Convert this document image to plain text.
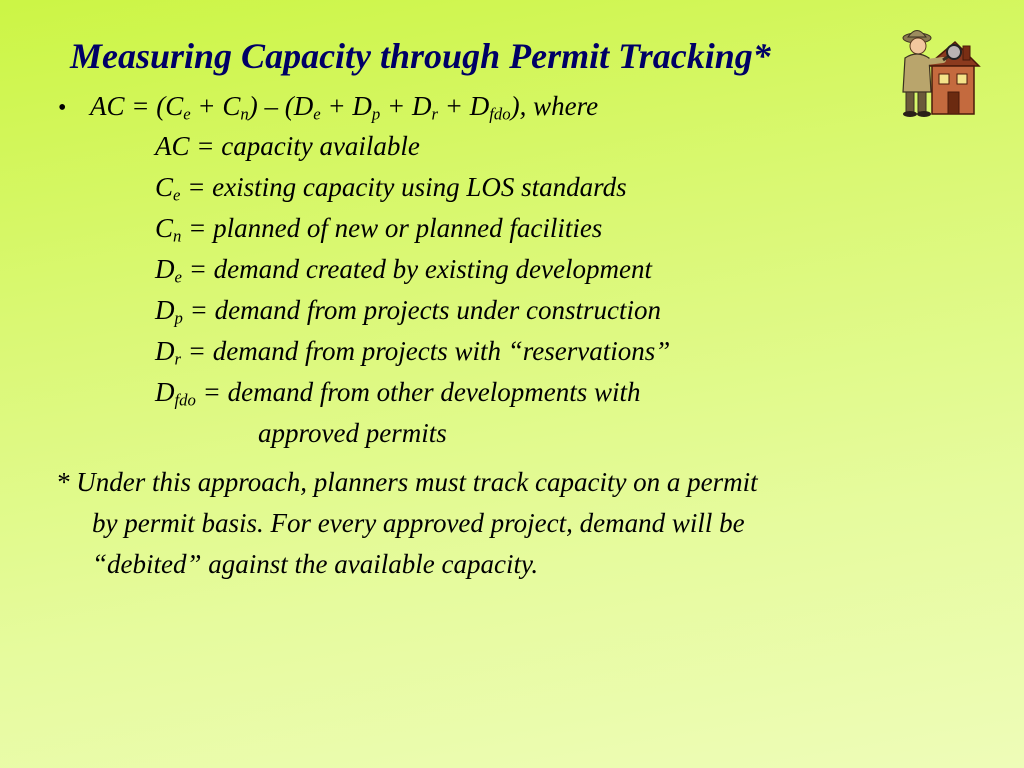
Measuring Capacity through Permit Tracking*
• AC = $(C_e + C_n) - (D_e + D_p + D_r + D_{fdo})$, where
AC = capacity available
$C_e$ = existing capacity using LOS standards
$C_n$ = planned of new or planned facilities
$D_e$ = demand created by existing development
$D_p$ = demand from projects under construction
$D_r$ = demand from projects with “reservations”
$D_{fdo}$ = demand from other developments with
approved permits
* Under this approach, planners must track capacity on a permit
by permit basis. For every approved project, demand will be
“debited” against the available capacity.
